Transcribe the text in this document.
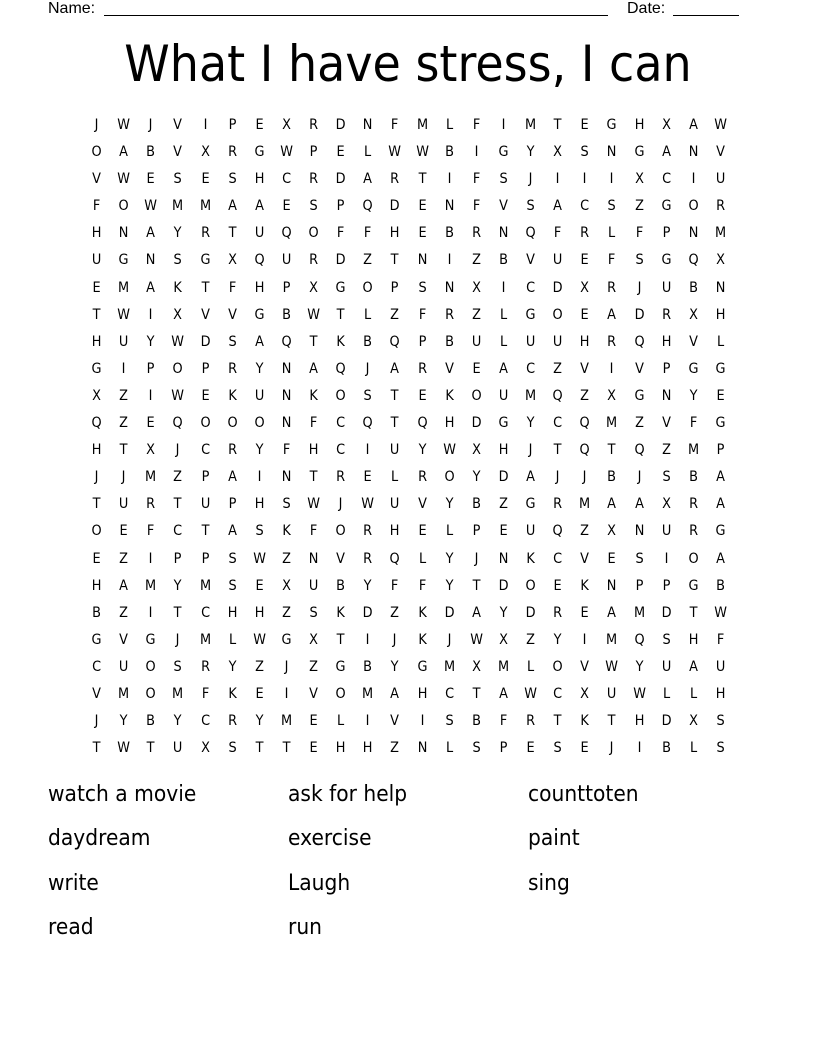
Name:	Date:
What I have stress, I can
J	W	J	V	I	P	E	X	R	D	N	F	M	L	F	I	M	T	E	G	H	X	A	W
O	A	B	V	X	R	G	W	P	E	L	W	W	B	I	G	Y	X	S	N	G	A	N	V
V	W	E	S	E	S	H	C	R	D	A	R	T	I	F	S	J	I	I	I	X	C	I	U
F	O	W	M	M	A	A	E	S	P	Q	D	E	N	F	V	S	A	C	S	Z	G	O	R
H	N	A	Y	R	T	U	Q	O	F	F	H	E	B	R	N	Q	F	R	L	F	P	N	M
U	G	N	S	G	X	Q	U	R	D	Z	T	N	I	Z	B	V	U	E	F	S	G	Q	X
E	M	A	K	T	F	H	P	X	G	O	P	S	N	X	I	C	D	X	R	J	U	B	N
T	W	I	X	V	V	G	B	W	T	L	Z	F	R	Z	L	G	O	E	A	D	R	X	H
H	U	Y	W	D	S	A	Q	T	K	B	Q	P	B	U	L	U	U	H	R	Q	H	V	L
G	I	P	O	P	R	Y	N	A	Q	J	A	R	V	E	A	C	Z	V	I	V	P	G	G
X	Z	I	W	E	K	U	N	K	O	S	T	E	K	O	U	M	Q	Z	X	G	N	Y	E
Q	Z	E	Q	O	O	O	N	F	C	Q	T	Q	H	D	G	Y	C	Q	M	Z	V	F	G
H	T	X	J	C	R	Y	F	H	C	I	U	Y	W	X	H	J	T	Q	T	Q	Z	M	P
J	J	M	Z	P	A	I	N	T	R	E	L	R	O	Y	D	A	J	J	B	J	S	B	A
T	U	R	T	U	P	H	S	W	J	W	U	V	Y	B	Z	G	R	M	A	A	X	R	A
O	E	F	C	T	A	S	K	F	O	R	H	E	L	P	E	U	Q	Z	X	N	U	R	G
E	Z	I	P	P	S	W	Z	N	V	R	Q	L	Y	J	N	K	C	V	E	S	I	O	A
H	A	M	Y	M	S	E	X	U	B	Y	F	F	Y	T	D	O	E	K	N	P	P	G	B
B	Z	I	T	C	H	H	Z	S	K	D	Z	K	D	A	Y	D	R	E	A	M	D	T	W
G	V	G	J	M	L	W	G	X	T	I	J	K	J	W	X	Z	Y	I	M	Q	S	H	F
C	U	O	S	R	Y	Z	J	Z	G	B	Y	G	M	X	M	L	O	V	W	Y	U	A	U
V	M	O	M	F	K	E	I	V	O	M	A	H	C	T	A	W	C	X	U	W	L	L	H
J	Y	B	Y	C	R	Y	M	E	L	I	V	I	S	B	F	R	T	K	T	H	D	X	S
T	W	T	U	X	S	T	T	E	H	H	Z	N	L	S	P	E	S	E	J	I	B	L	S
watch a movie	ask for help	counttoten
daydream	exercise	paint
write	Laugh	sing
read	run
